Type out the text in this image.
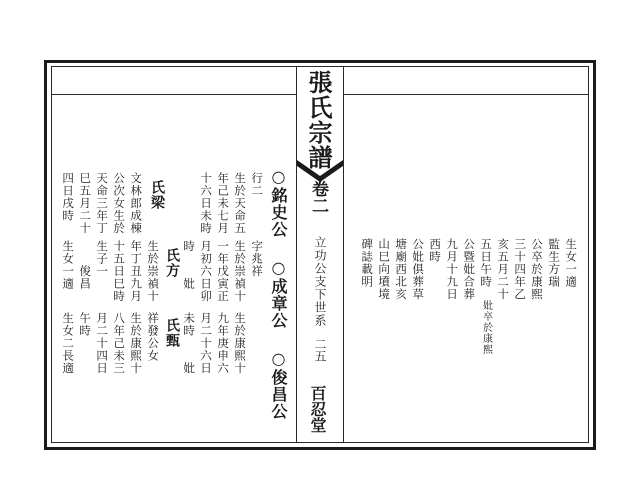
張氏宗譜
卷二
立功公支下世系
二五
百忍堂
生女一適
監生方瑞
公卒於康熙
三十四年乙
亥五月二十
五日午時
公暨妣合葬
九月十九日
西時
公妣俱葬草
塘廟西北亥
山巳向墳境
碑誌載明
妣卒於康熙
○銘史公 ○成章公 ○俊昌公
行二
生於天命五
年己未七月
十六日未時
文林郎成棟
公次女生於
天命三年丁
巳五月二十
四日戌時
字兆祥
生於崇禎十
一年戊寅正
月初六日卯
時　　妣
生於崇禎十
年丁丑九月
十五日巳時
生子一
俊昌
生女一適
生於康熙十
九年庚申六
月二十六日
未時　　妣
祥發公女
生於康熙十
八年己未三
月二十四日
午時
生女二長適
氏梁
氏方
氏甄
